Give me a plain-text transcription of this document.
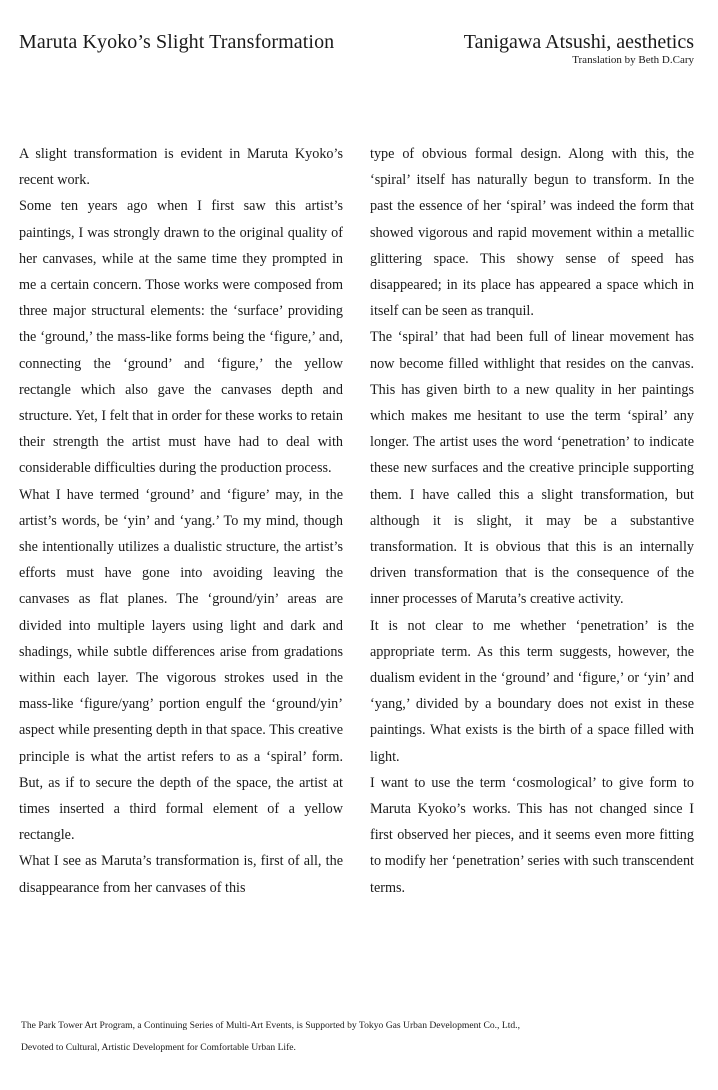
Maruta Kyoko’s Slight Transformation	Tanigawa Atsushi, aesthetics
Translation by Beth D.Cary

A slight transformation is evident in Maruta Kyoko’s recent work.

Some ten years ago when I first saw this artist’s paintings, I was strongly drawn to the original quality of her canvases, while at the same time they prompted in me a certain concern. Those works were composed from three major structural elements: the ‘surface’ providing the ‘ground,’ the mass-like forms being the ‘figure,’ and, connecting the ‘ground’ and ‘figure,’ the yellow rectangle which also gave the canvases depth and structure. Yet, I felt that in order for these works to retain their strength the artist must have had to deal with considerable difficulties during the production process.

What I have termed ‘ground’ and ‘figure’ may, in the artist’s words, be ‘yin’ and ‘yang.’ To my mind, though she intentionally utilizes a dualistic structure, the artist’s efforts must have gone into avoiding leaving the canvases as flat planes. The ‘ground/yin’ areas are divided into multiple layers using light and dark and shadings, while subtle differences arise from gradations within each layer. The vigorous strokes used in the mass-like ‘figure/yang’ portion engulf the ‘ground/yin’ aspect while presenting depth in that space. This creative principle is what the artist refers to as a ‘spiral’ form. But, as if to secure the depth of the space, the artist at times inserted a third formal element of a yellow rectangle.

What I see as Maruta’s transformation is, first of all, the disappearance from her canvases of this

type of obvious formal design. Along with this, the ‘spiral’ itself has naturally begun to transform. In the past the essence of her ‘spiral’ was indeed the form that showed vigorous and rapid movement within a metallic glittering space. This showy sense of speed has disappeared; in its place has appeared a space which in itself can be seen as tranquil.

The ‘spiral’ that had been full of linear movement has now become filled withlight that resides on the canvas. This has given birth to a new quality in her paintings which makes me hesitant to use the term ‘spiral’ any longer. The artist uses the word ‘penetration’ to indicate these new surfaces and the creative principle supporting them. I have called this a slight transformation, but although it is slight, it may be a substantive transformation. It is obvious that this is an internally driven transformation that is the consequence of the inner processes of Maruta’s creative activity.

It is not clear to me whether ‘penetration’ is the appropriate term. As this term suggests, however, the dualism evident in the ‘ground’ and ‘figure,’ or ‘yin’ and ‘yang,’ divided by a boundary does not exist in these paintings. What exists is the birth of a space filled with light.

I want to use the term ‘cosmological’ to give form to Maruta Kyoko’s works. This has not changed since I first observed her pieces, and it seems even more fitting to modify her ‘penetration’ series with such transcendent terms.

The Park Tower Art Program, a Continuing Series of Multi-Art Events, is Supported by Tokyo Gas Urban Development Co., Ltd.,
Devoted to Cultural, Artistic Development for Comfortable Urban Life.
